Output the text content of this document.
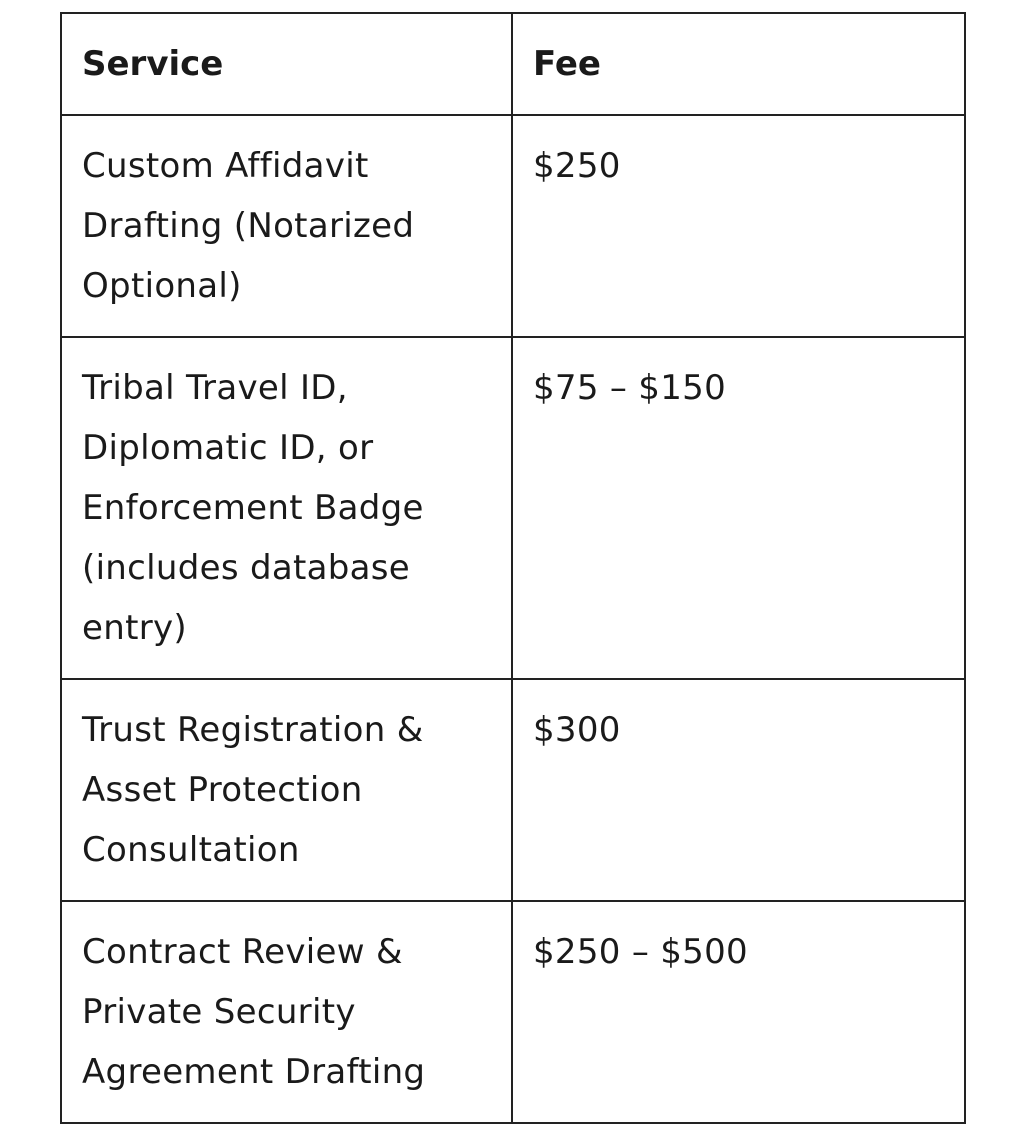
Service	Fee

Custom Affidavit Drafting (Notarized Optional)	$250

Tribal Travel ID, Diplomatic ID, or Enforcement Badge (includes database entry)	$75 – $150

Trust Registration & Asset Protection Consultation	$300

Contract Review & Private Security Agreement Drafting	$250 – $500
